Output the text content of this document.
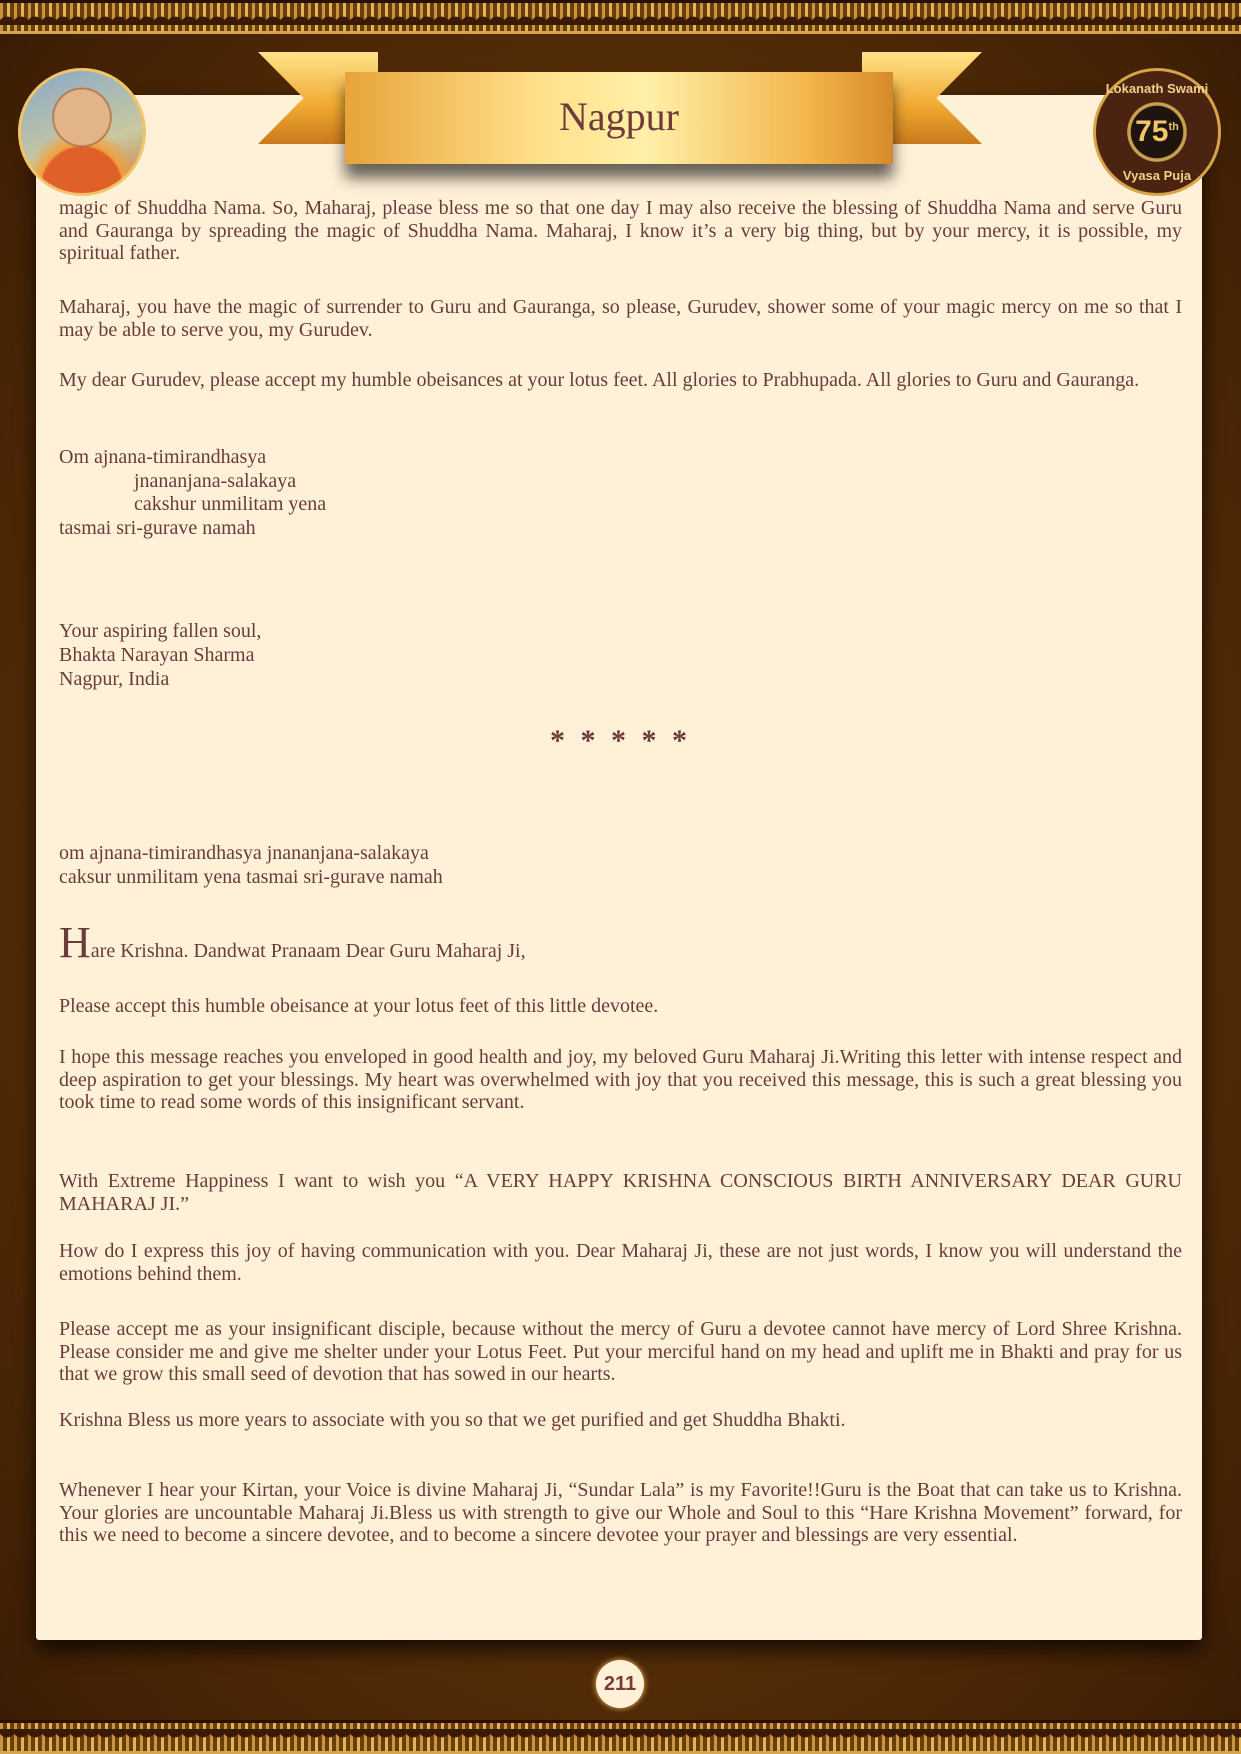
Nagpur
Lokanath Swami
75th
Vyasa Puja

magic of Shuddha Nama. So, Maharaj, please bless me so that one day I may also receive the blessing of Shuddha Nama and serve Guru and Gauranga by spreading the magic of Shuddha Nama. Maharaj, I know it’s a very big thing, but by your mercy, it is possible, my spiritual father.

Maharaj, you have the magic of surrender to Guru and Gauranga, so please, Gurudev, shower some of your magic mercy on me so that I may be able to serve you, my Gurudev.

My dear Gurudev, please accept my humble obeisances at your lotus feet. All glories to Prabhupada. All glories to Guru and Gauranga.

Om ajnana-timirandhasya
jnananjana-salakaya
cakshur unmilitam yena
tasmai sri-gurave namah
Your aspiring fallen soul,
Bhakta Narayan Sharma
Nagpur, India
* * * * *
om ajnana-timirandhasya jnananjana-salakaya
caksur unmilitam yena tasmai sri-gurave namah

Hare Krishna. Dandwat Pranaam Dear Guru Maharaj Ji,

Please accept this humble obeisance at your lotus feet of this little devotee.

I hope this message reaches you enveloped in good health and joy, my beloved Guru Maharaj Ji.Writing this letter with intense respect and deep aspiration to get your blessings. My heart was overwhelmed with joy that you received this message, this is such a great blessing you took time to read some words of this insignificant servant.

With Extreme Happiness I want to wish you “A VERY HAPPY KRISHNA CONSCIOUS BIRTH ANNIVERSARY DEAR GURU MAHARAJ JI.”

How do I express this joy of having communication with you. Dear Maharaj Ji, these are not just words, I know you will understand the emotions behind them.

Please accept me as your insignificant disciple, because without the mercy of Guru a devotee cannot have mercy of Lord Shree Krishna. Please consider me and give me shelter under your Lotus Feet. Put your merciful hand on my head and uplift me in Bhakti and pray for us that we grow this small seed of devotion that has sowed in our hearts.

Krishna Bless us more years to associate with you so that we get purified and get Shuddha Bhakti.

Whenever I hear your Kirtan, your Voice is divine Maharaj Ji, “Sundar Lala” is my Favorite!!Guru is the Boat that can take us to Krishna. Your glories are uncountable Maharaj Ji.Bless us with strength to give our Whole and Soul to this “Hare Krishna Movement” forward, for this we need to become a sincere devotee, and to become a sincere devotee your prayer and blessings are very essential.

211
